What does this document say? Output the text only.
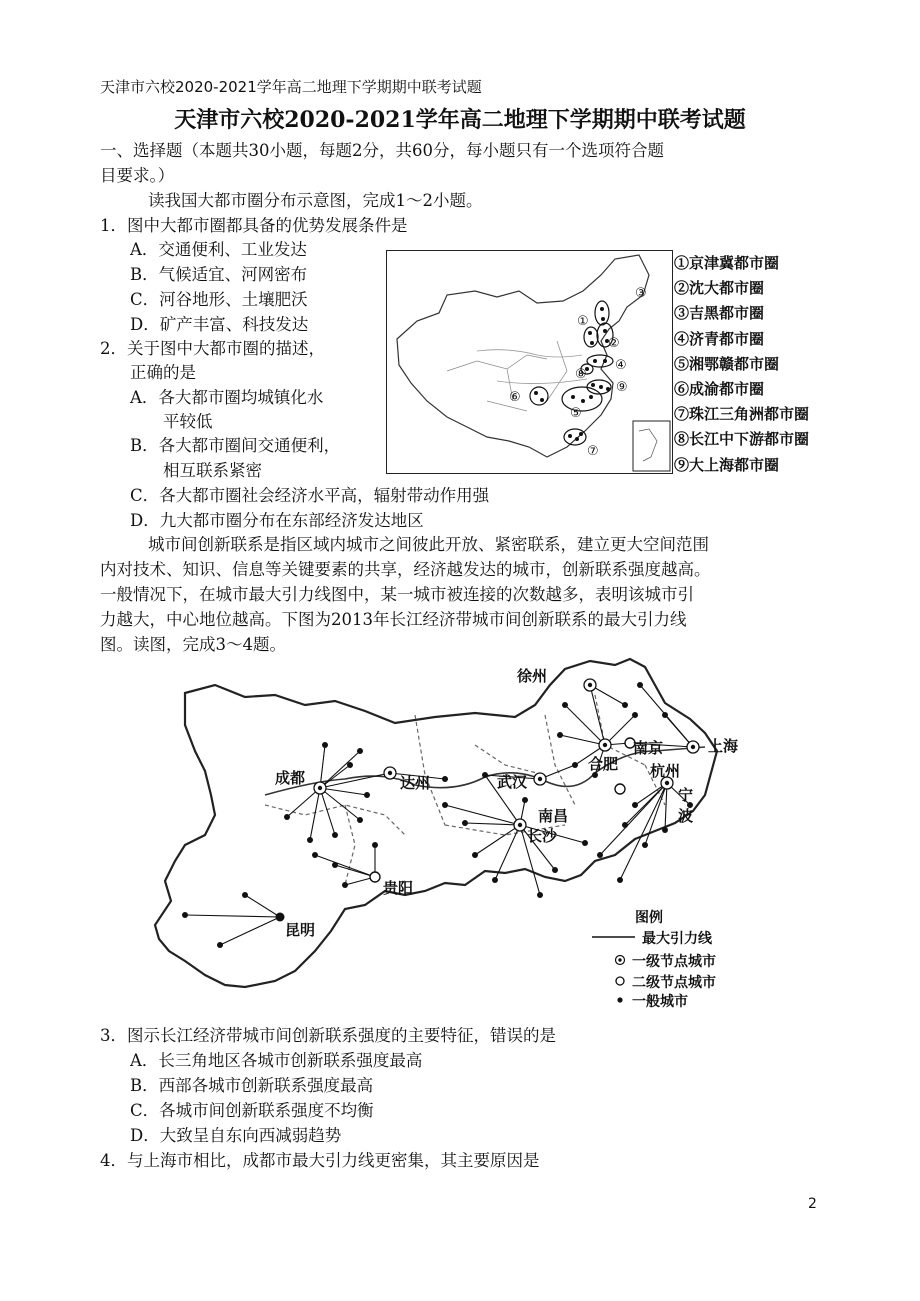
天津市六校2020-2021学年高二地理下学期期中联考试题
天津市六校2020-2021学年高二地理下学期期中联考试题
一、选择题（本题共30小题，每题2分，共60分，每小题只有一个选项符合题
目要求。）
读我国大都市圈分布示意图，完成1～2小题。
1．图中大都市圈都具备的优势发展条件是
A．交通便利、工业发达
B．气候适宜、河网密布
C．河谷地形、土壤肥沃
D．矿产丰富、科技发达
2．关于图中大都市圈的描述，
正确的是
A．各大都市圈均城镇化水
平较低
B．各大都市圈间交通便利，
相互联系紧密
C．各大都市圈社会经济水平高，辐射带动作用强
D．九大都市圈分布在东部经济发达地区
①
②
③
④
⑤
⑥
⑦
⑧
⑨
①京津冀都市圈
②沈大都市圈
③吉黑都市圈
④济青都市圈
⑤湘鄂赣都市圈
⑥成渝都市圈
⑦珠江三角洲都市圈
⑧长江中下游都市圈
⑨大上海都市圈
城市间创新联系是指区域内城市之间彼此开放、紧密联系，建立更大空间范围
内对技术、知识、信息等关键要素的共享，经济越发达的城市，创新联系强度越高。
一般情况下，在城市最大引力线图中，某一城市被连接的次数越多，表明该城市引
力越大，中心地位越高。下图为2013年长江经济带城市间创新联系的最大引力线
图。读图，完成3～4题。
徐州
南京	上海
合肥 杭州
宁
波
成都	达州	武汉
南昌
长沙
贵阳
昆明
图例
最大引力线
一级节点城市
二级节点城市
一般城市
3．图示长江经济带城市间创新联系强度的主要特征，错误的是
A．长三角地区各城市创新联系强度最高
B．西部各城市创新联系强度最高
C．各城市间创新联系强度不均衡
D．大致呈自东向西减弱趋势
4．与上海市相比，成都市最大引力线更密集，其主要原因是
2
